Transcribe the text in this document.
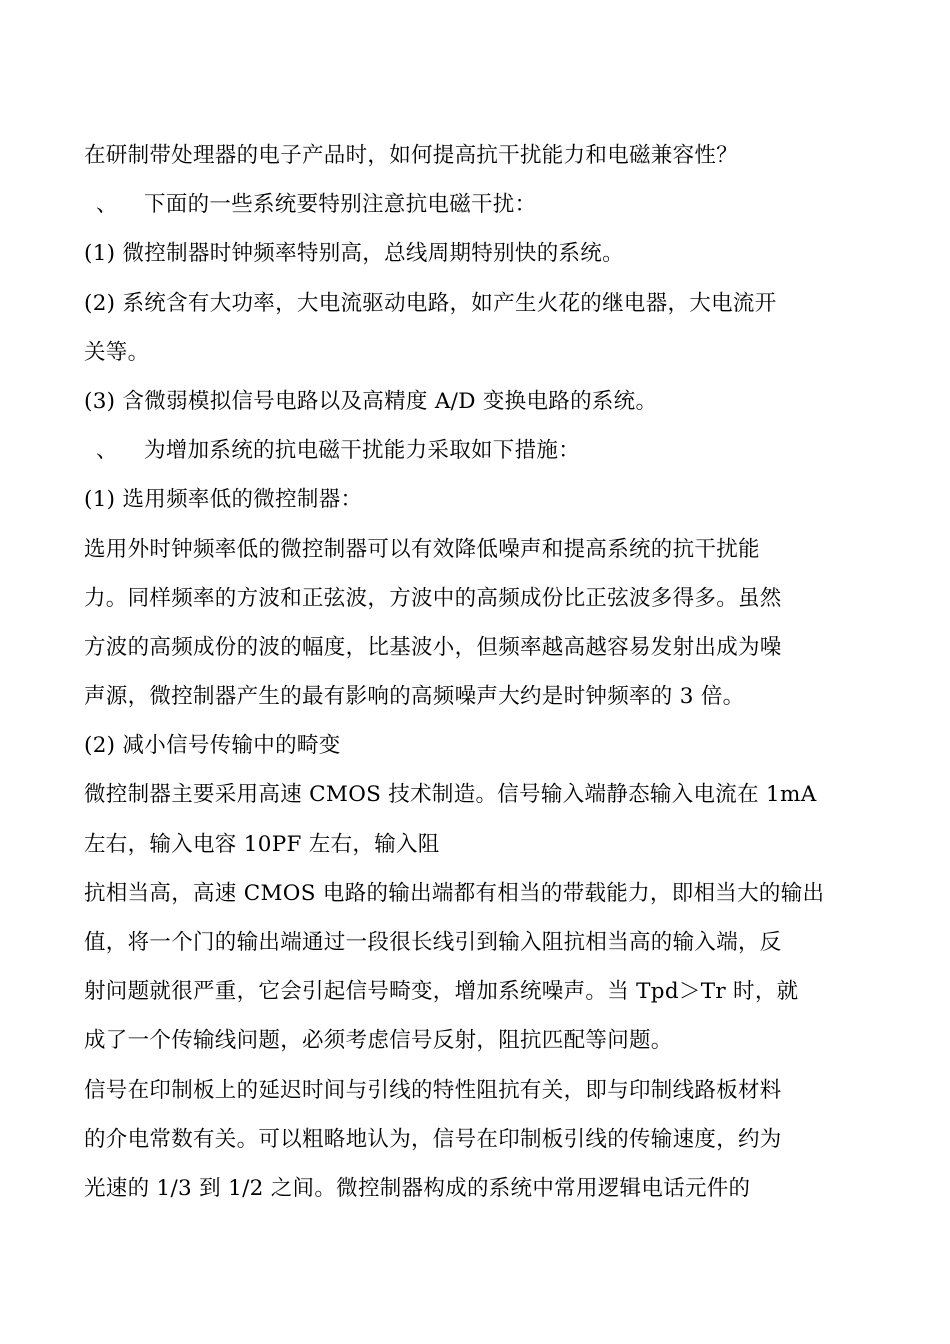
在研制带处理器的电子产品时，如何提高抗干扰能力和电磁兼容性？
、 下面的一些系统要特别注意抗电磁干扰：
(1) 微控制器时钟频率特别高，总线周期特别快的系统。
(2) 系统含有大功率，大电流驱动电路，如产生火花的继电器，大电流开
关等。
(3) 含微弱模拟信号电路以及高精度 A/D 变换电路的系统。
、 为增加系统的抗电磁干扰能力采取如下措施：
(1) 选用频率低的微控制器：
选用外时钟频率低的微控制器可以有效降低噪声和提高系统的抗干扰能
力。同样频率的方波和正弦波，方波中的高频成份比正弦波多得多。虽然
方波的高频成份的波的幅度，比基波小，但频率越高越容易发射出成为噪
声源，微控制器产生的最有影响的高频噪声大约是时钟频率的 3 倍。
(2) 减小信号传输中的畸变
微控制器主要采用高速 CMOS 技术制造。信号输入端静态输入电流在 1mA
左右，输入电容 10PF 左右，输入阻
抗相当高，高速 CMOS 电路的输出端都有相当的带载能力，即相当大的输出
值，将一个门的输出端通过一段很长线引到输入阻抗相当高的输入端，反
射问题就很严重，它会引起信号畸变，增加系统噪声。当 Tpd＞Tr 时，就
成了一个传输线问题，必须考虑信号反射，阻抗匹配等问题。
信号在印制板上的延迟时间与引线的特性阻抗有关，即与印制线路板材料
的介电常数有关。可以粗略地认为，信号在印制板引线的传输速度，约为
光速的 1/3 到 1/2 之间。微控制器构成的系统中常用逻辑电话元件的
